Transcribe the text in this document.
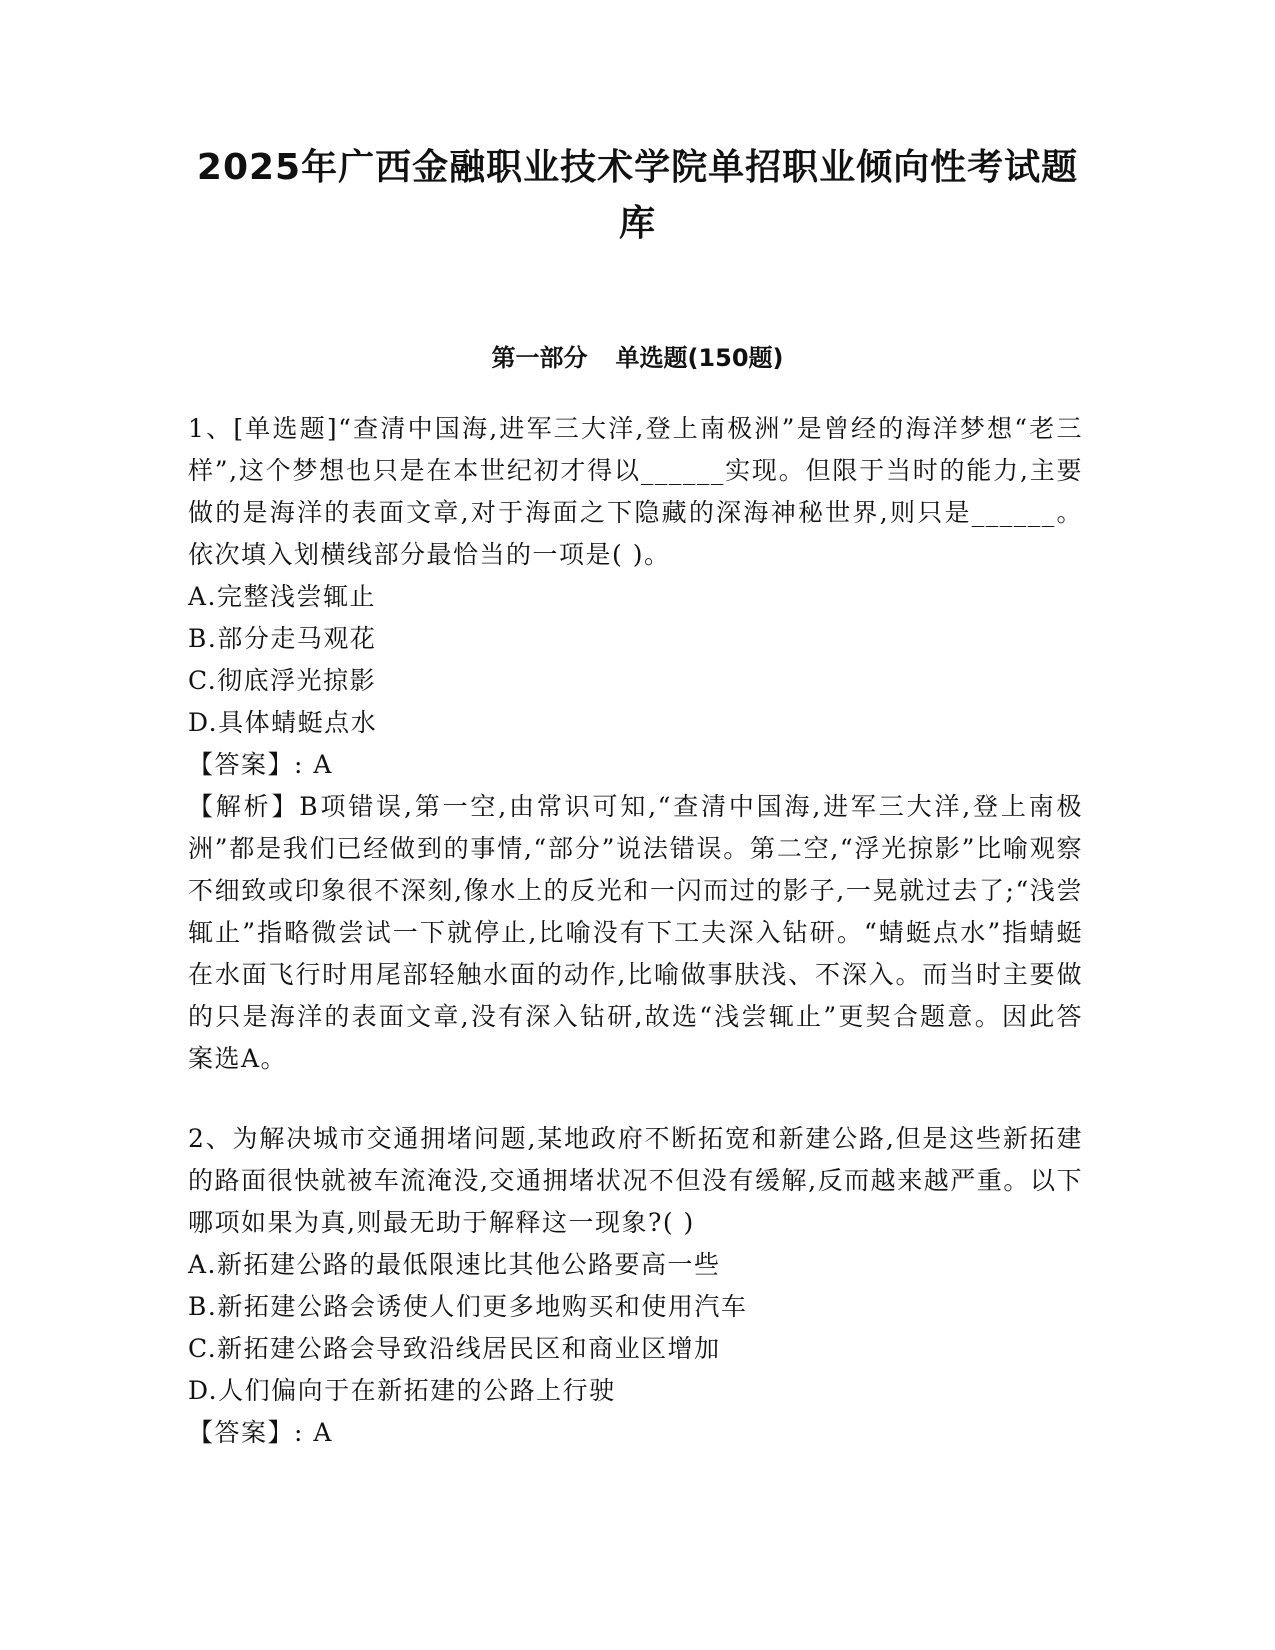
2025年广西金融职业技术学院单招职业倾向性考试题库
第一部分 单选题(150题)
1、[单选题]“查清中国海,进军三大洋,登上南极洲”是曾经的海洋梦想“老三样”,这个梦想也只是在本世纪初才得以______实现。但限于当时的能力,主要做的是海洋的表面文章,对于海面之下隐藏的深海神秘世界,则只是______。依次填入划横线部分最恰当的一项是( )。
A.完整浅尝辄止
B.部分走马观花
C.彻底浮光掠影
D.具体蜻蜓点水
【答案】: A
【解析】B项错误,第一空,由常识可知,“查清中国海,进军三大洋,登上南极洲”都是我们已经做到的事情,“部分”说法错误。第二空,“浮光掠影”比喻观察不细致或印象很不深刻,像水上的反光和一闪而过的影子,一晃就过去了;“浅尝辄止”指略微尝试一下就停止,比喻没有下工夫深入钻研。“蜻蜓点水”指蜻蜓在水面飞行时用尾部轻触水面的动作,比喻做事肤浅、不深入。而当时主要做的只是海洋的表面文章,没有深入钻研,故选“浅尝辄止”更契合题意。因此答案选A。
2、为解决城市交通拥堵问题,某地政府不断拓宽和新建公路,但是这些新拓建的路面很快就被车流淹没,交通拥堵状况不但没有缓解,反而越来越严重。以下哪项如果为真,则最无助于解释这一现象?( )
A.新拓建公路的最低限速比其他公路要高一些
B.新拓建公路会诱使人们更多地购买和使用汽车
C.新拓建公路会导致沿线居民区和商业区增加
D.人们偏向于在新拓建的公路上行驶
【答案】: A
